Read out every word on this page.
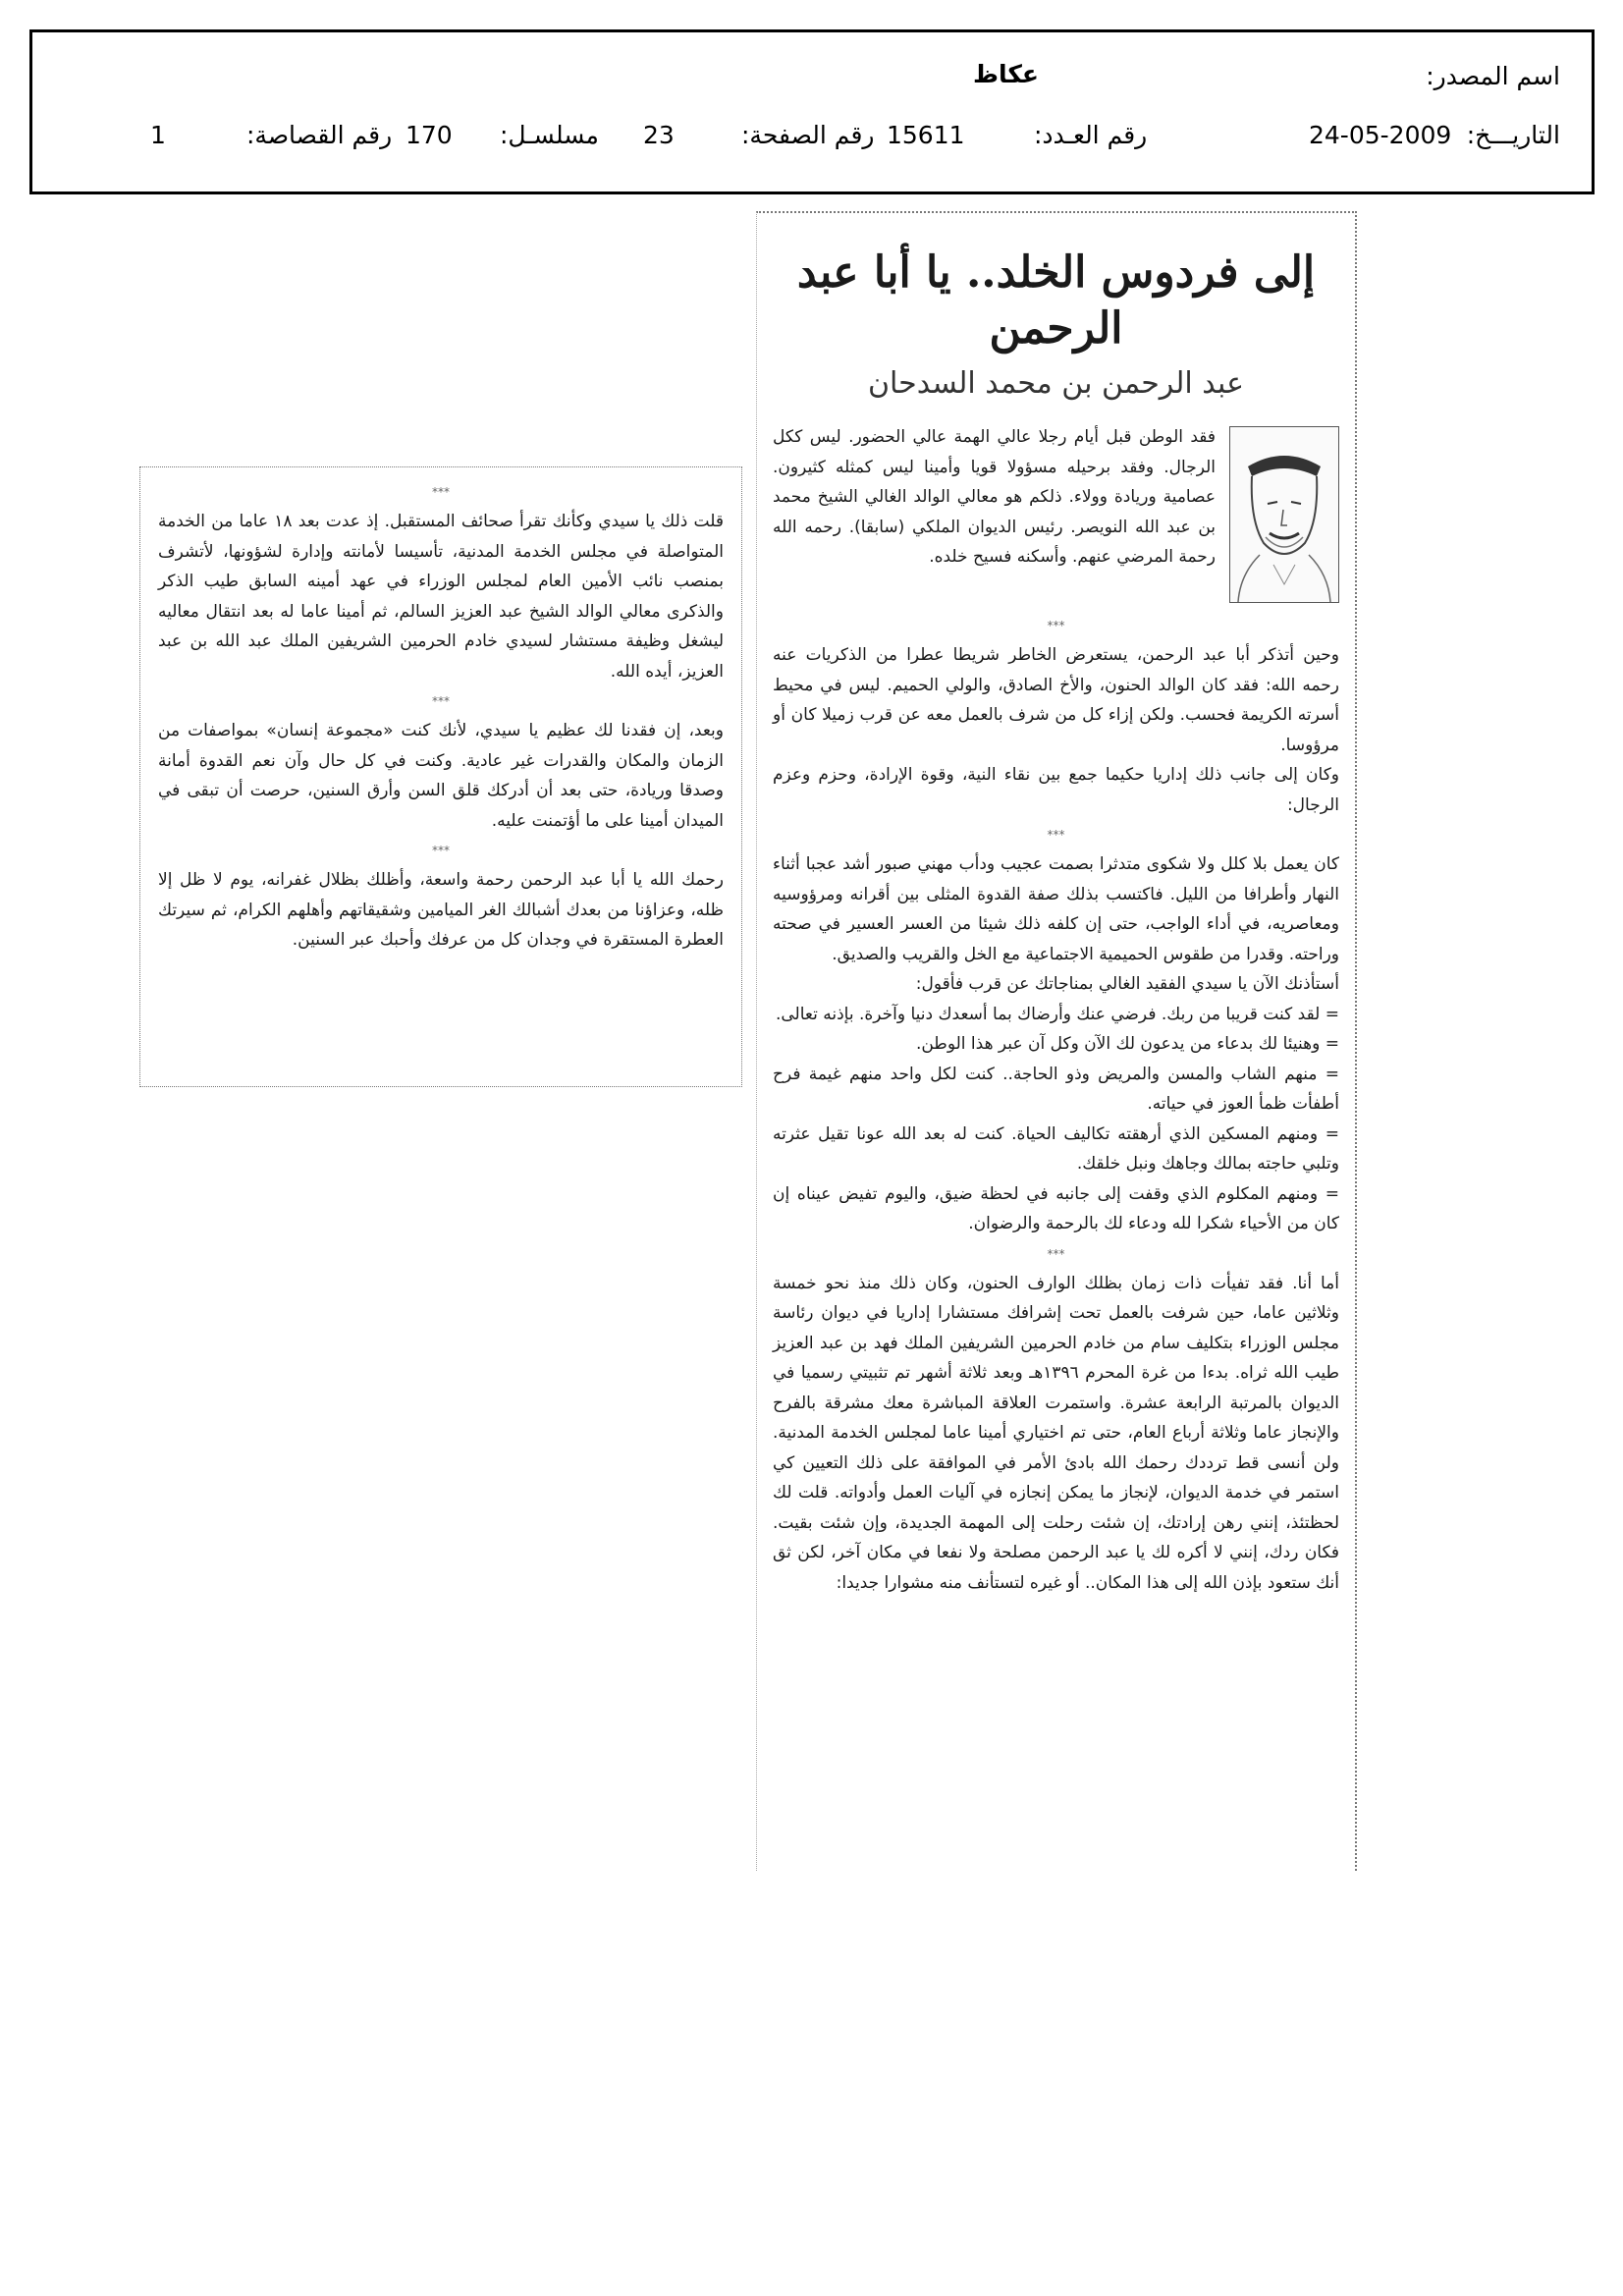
اسم المصدر:
عكاظ
التاريـــخ:
24-05-2009
رقم العـدد:
15611
رقم الصفحة:
23
مسلسـل:
170
رقم القصاصة:
1
إلى فردوس الخلد.. يا أبا عبد الرحمن
عبد الرحمن بن محمد السدحان

فقد الوطن قبل أيام رجلا عالي الهمة عالي الحضور. ليس ككل الرجال. وفقد برحيله مسؤولا قويا وأمينا ليس كمثله كثيرون. عصامية وريادة وولاء. ذلكم هو معالي الوالد الغالي الشيخ محمد بن عبد الله النويصر. رئيس الديوان الملكي (سابقا). رحمه الله رحمة المرضي عنهم. وأسكنه فسيح خلده.

***

وحين أتذكر أبا عبد الرحمن، يستعرض الخاطر شريطا عطرا من الذكريات عنه رحمه الله: فقد كان الوالد الحنون، والأخ الصادق، والولي الحميم. ليس في محيط أسرته الكريمة فحسب. ولكن إزاء كل من شرف بالعمل معه عن قرب زميلا كان أو مرؤوسا.

وكان إلى جانب ذلك إداريا حكيما جمع بين نقاء النية، وقوة الإرادة، وحزم وعزم الرجال:

***

كان يعمل بلا كلل ولا شكوى متدثرا بصمت عجيب ودأب مهني صبور أشد عجبا أثناء النهار وأطرافا من الليل. فاكتسب بذلك صفة القدوة المثلى بين أقرانه ومرؤوسيه ومعاصريه، في أداء الواجب، حتى إن كلفه ذلك شيئا من العسر العسير في صحته وراحته. وقدرا من طقوس الحميمية الاجتماعية مع الخل والقريب والصديق.

أستأذنك الآن يا سيدي الفقيد الغالي بمناجاتك عن قرب فأقول:

= لقد كنت قريبا من ربك. فرضي عنك وأرضاك بما أسعدك دنيا وآخرة. بإذنه تعالى.
= وهنيئا لك بدعاء من يدعون لك الآن وكل آن عبر هذا الوطن.
= منهم الشاب والمسن والمريض وذو الحاجة.. كنت لكل واحد منهم غيمة فرح أطفأت ظمأ العوز في حياته.
= ومنهم المسكين الذي أرهقته تكاليف الحياة. كنت له بعد الله عونا تقيل عثرته وتلبي حاجته بمالك وجاهك ونبل خلقك.
= ومنهم المكلوم الذي وقفت إلى جانبه في لحظة ضيق، واليوم تفيض عيناه إن كان من الأحياء شكرا لله ودعاء لك بالرحمة والرضوان.
***

أما أنا. فقد تفيأت ذات زمان بظلك الوارف الحنون، وكان ذلك منذ نحو خمسة وثلاثين عاما، حين شرفت بالعمل تحت إشرافك مستشارا إداريا في ديوان رئاسة مجلس الوزراء بتكليف سام من خادم الحرمين الشريفين الملك فهد بن عبد العزيز طيب الله ثراه. بدءا من غرة المحرم ١٣٩٦هـ وبعد ثلاثة أشهر تم تثبيتي رسميا في الديوان بالمرتبة الرابعة عشرة. واستمرت العلاقة المباشرة معك مشرقة بالفرح والإنجاز عاما وثلاثة أرباع العام، حتى تم اختياري أمينا عاما لمجلس الخدمة المدنية. ولن أنسى قط ترددك رحمك الله بادئ الأمر في الموافقة على ذلك التعيين كي استمر في خدمة الديوان، لإنجاز ما يمكن إنجازه في آليات العمل وأدواته. قلت لك لحظتئذ، إنني رهن إرادتك، إن شئت رحلت إلى المهمة الجديدة، وإن شئت بقيت. فكان ردك، إنني لا أكره لك يا عبد الرحمن مصلحة ولا نفعا في مكان آخر، لكن ثق أنك ستعود بإذن الله إلى هذا المكان.. أو غيره لتستأنف منه مشوارا جديدا:

***

قلت ذلك يا سيدي وكأنك تقرأ صحائف المستقبل. إذ عدت بعد ١٨ عاما من الخدمة المتواصلة في مجلس الخدمة المدنية، تأسيسا لأمانته وإدارة لشؤونها، لأتشرف بمنصب نائب الأمين العام لمجلس الوزراء في عهد أمينه السابق طيب الذكر والذكرى معالي الوالد الشيخ عبد العزيز السالم، ثم أمينا عاما له بعد انتقال معاليه ليشغل وظيفة مستشار لسيدي خادم الحرمين الشريفين الملك عبد الله بن عبد العزيز، أيده الله.

***

وبعد، إن فقدنا لك عظيم يا سيدي، لأنك كنت «مجموعة إنسان» بمواصفات من الزمان والمكان والقدرات غير عادية. وكنت في كل حال وآن نعم القدوة أمانة وصدقا وريادة، حتى بعد أن أدركك قلق السن وأرق السنين، حرصت أن تبقى في الميدان أمينا على ما أؤتمنت عليه.

***

رحمك الله يا أبا عبد الرحمن رحمة واسعة، وأظلك بظلال غفرانه، يوم لا ظل إلا ظله، وعزاؤنا من بعدك أشبالك الغر الميامين وشقيقاتهم وأهلهم الكرام، ثم سيرتك العطرة المستقرة في وجدان كل من عرفك وأحبك عبر السنين.
